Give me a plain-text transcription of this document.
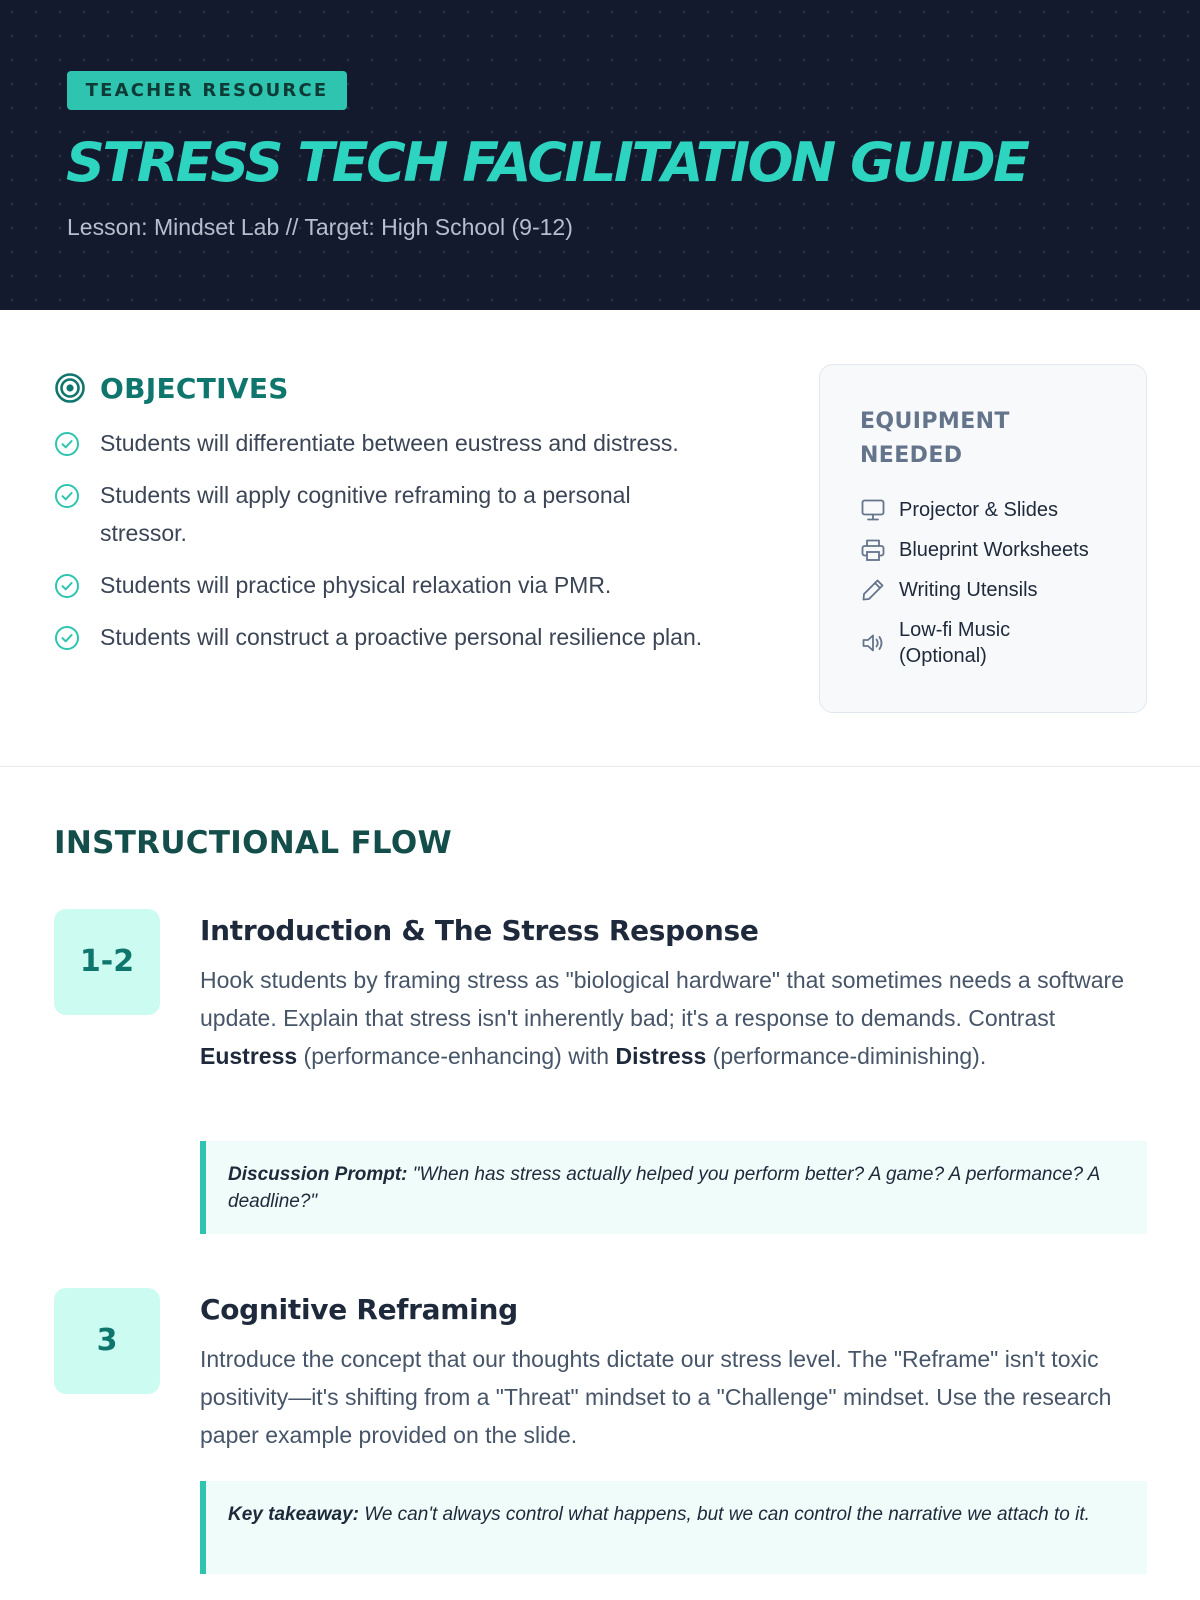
TEACHER RESOURCE
STRESS TECH FACILITATION GUIDE
Lesson: Mindset Lab // Target: High School (9-12)
OBJECTIVES
Students will differentiate between eustress and distress.
Students will apply cognitive reframing to a personal stressor.
Students will practice physical relaxation via PMR.
Students will construct a proactive personal resilience plan.
EQUIPMENT NEEDED
Projector & Slides
Blueprint Worksheets
Writing Utensils
Low-fi Music (Optional)
INSTRUCTIONAL FLOW
1-2
Introduction & The Stress Response

Hook students by framing stress as "biological hardware" that sometimes needs a software update. Explain that stress isn't inherently bad; it's a response to demands. Contrast Eustress (performance-enhancing) with Distress (performance-diminishing).

Discussion Prompt: "When has stress actually helped you perform better? A game? A performance? A deadline?"
3
Cognitive Reframing

Introduce the concept that our thoughts dictate our stress level. The "Reframe" isn't toxic positivity—it's shifting from a "Threat" mindset to a "Challenge" mindset. Use the research paper example provided on the slide.

Key takeaway: We can't always control what happens, but we can control the narrative we attach to it.
